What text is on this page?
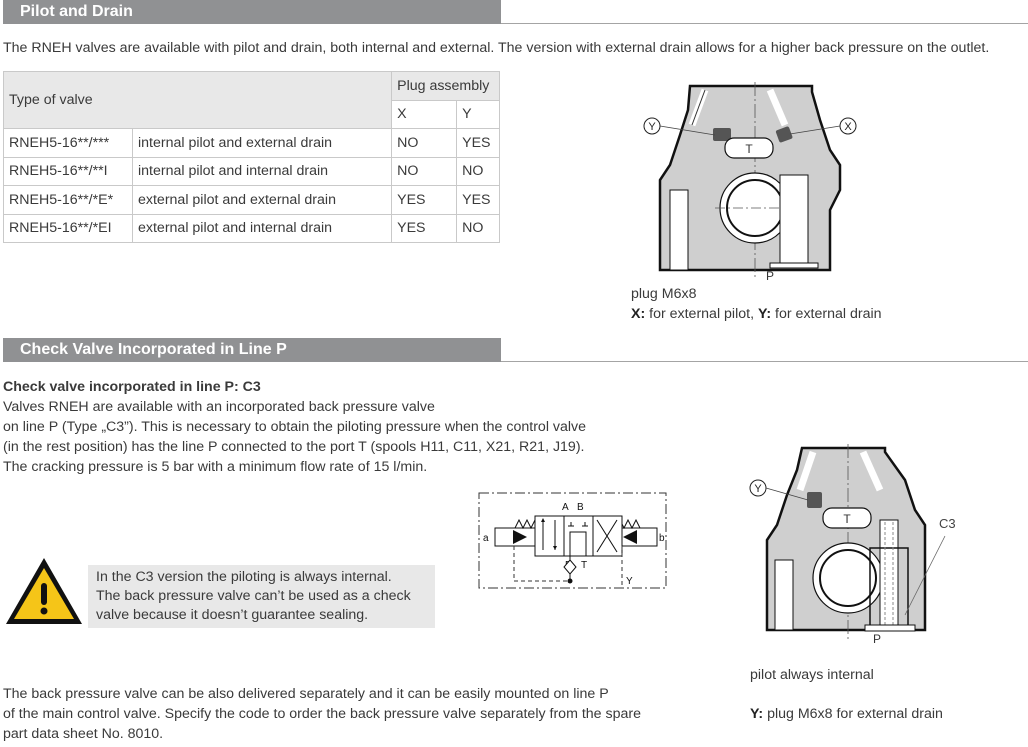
Pilot and Drain
The RNEH valves are available with pilot and drain, both internal and external. The version with external drain allows for a higher back pressure on the outlet.
Type of valve		Plug assembly	
		X	Y
RNEH5-16**/***	internal pilot and external drain	NO	YES
RNEH5-16**/**I	internal pilot and internal drain	NO	NO
RNEH5-16**/*E*	external pilot and external drain	YES	YES
RNEH5-16**/*EI	external pilot and internal drain	YES	NO
T
Y	X
P
plug M6x8
X: for external pilot, Y: for external drain
Check Valve Incorporated in Line P
Check valve incorporated in line P: C3
Valves RNEH are available with an incorporated back pressure valve
on line P (Type „C3”). This is necessary to obtain the piloting pressure when the control valve
(in the rest position) has the line P connected to the port T (spools H11, C11, X21, R21, J19).
The cracking pressure is 5 bar with a minimum flow rate of 15 l/min.
A B
T
a	b
Y
In the C3 version the piloting is always internal.
The back pressure valve can’t be used as a check
valve because it doesn’t guarantee sealing.
T
Y
C3
P
pilot always internal
Y: plug M6x8 for external drain
The back pressure valve can be also delivered separately and it can be easily mounted on line P
of the main control valve. Specify the code to order the back pressure valve separately from the spare
part data sheet No. 8010.
